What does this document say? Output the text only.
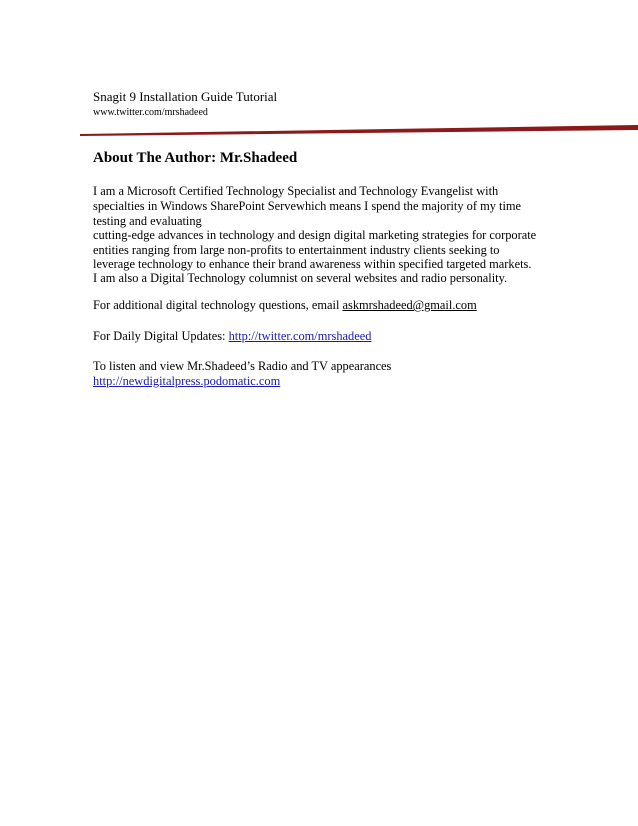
Snagit 9 Installation Guide Tutorial
www.twitter.com/mrshadeed
About The Author: Mr.Shadeed
I am a Microsoft Certified Technology Specialist and Technology Evangelist with
specialties in Windows SharePoint Servewhich means I spend the majority of my time
testing and evaluating
cutting-edge advances in technology and design digital marketing strategies for corporate
entities ranging from large non-profits to entertainment industry clients seeking to
leverage technology to enhance their brand awareness within specified targeted markets.
I am also a Digital Technology columnist on several websites and radio personality.
For additional digital technology questions, email askmrshadeed@gmail.com
For Daily Digital Updates: http://twitter.com/mrshadeed
To listen and view Mr.Shadeed’s Radio and TV appearances
http://newdigitalpress.podomatic.com
